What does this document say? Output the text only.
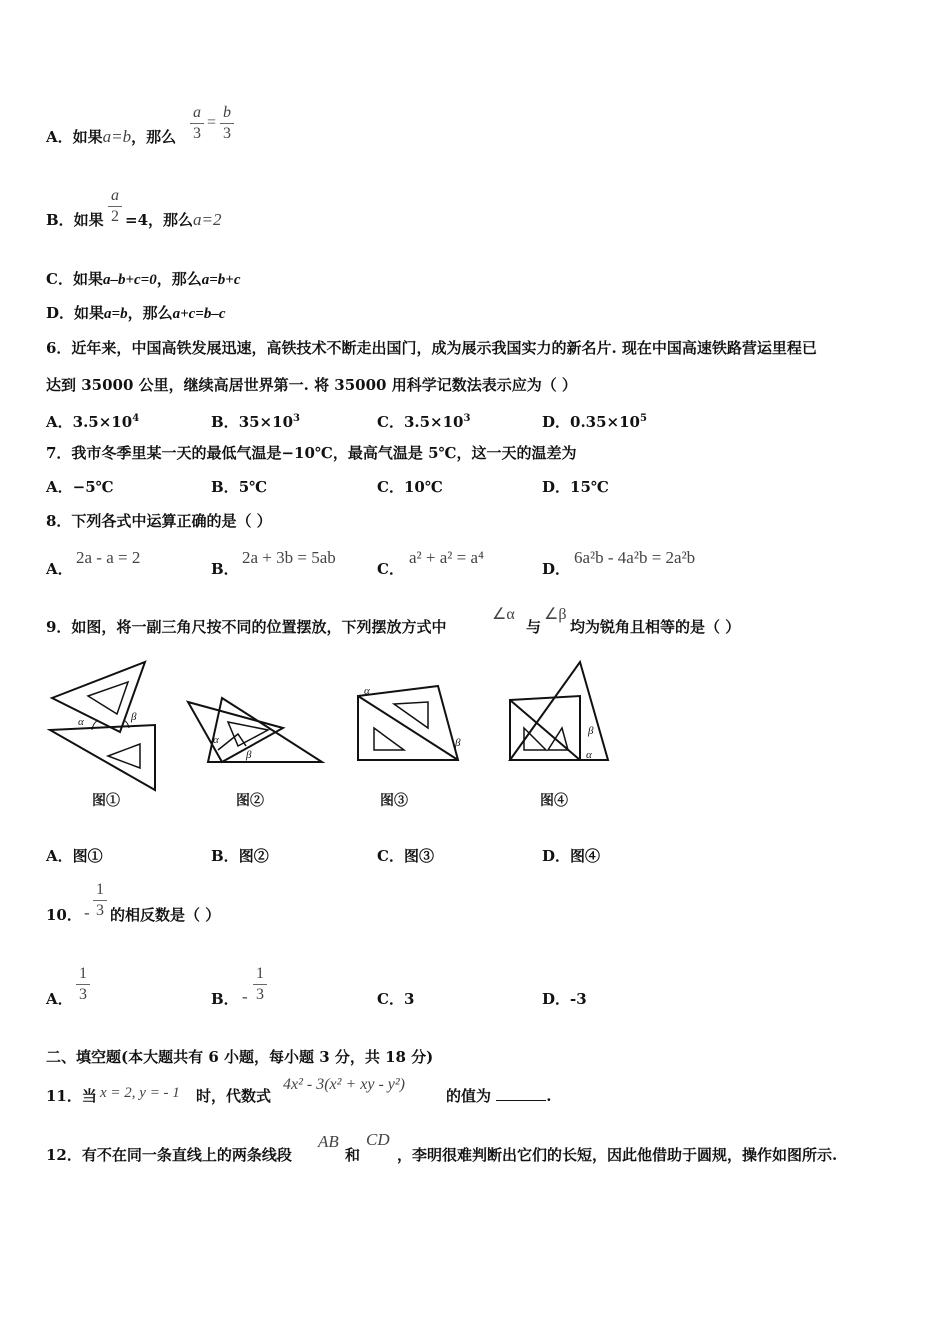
A．如果a=b，那么
a
3
=
b
3
B．如果
a
2 =4，那么a=2
C．如果a–b+c=0，那么a=b+c
D．如果a=b，那么a+c=b–c
6．近年来，中国高铁发展迅速，高铁技术不断走出国门，成为展示我国实力的新名片. 现在中国高速铁路营运里程已
达到 35000 公里，继续高居世界第一. 将 35000 用科学记数法表示应为（ ）
A．$3.5\times 10^4$	B．$35\times 10^3$	C．$3.5\times 10^3$	D．$0.35\times 10^5$
7．我市冬季里某一天的最低气温是−10℃，最高气温是 5℃，这一天的温差为
A．−5℃	B．5℃	C．10℃	D．15℃
8．下列各式中运算正确的是（ ）
A．
2a - a = 2
B．
2a + 3b = 5ab
C．
a² + a² = a⁴
D．
6a²b - 4a²b = 2a²b
9．如图，将一副三角尺按不同的位置摆放，下列摆放方式中
∠α
与
∠β
均为锐角且相等的是（ ）
α	β
α
β
α
β
β
α
图①	图②	图③	图④
A．图①	B．图②	C．图③	D．图④
10． -
1
3 的相反数是（ ）
A．
1
3	B． -
1
3	C．3	D．-3
二、填空题(本大题共有 6 小题，每小题 3 分，共 18 分)
11．当 x = 2, y = - 1 时，代数式
4x² - 3(x² + xy - y²)
的值为	.
12．有不在同一条直线上的两条线段
AB
和
CD
，李明很难判断出它们的长短，因此他借助于圆规，操作如图所示.
